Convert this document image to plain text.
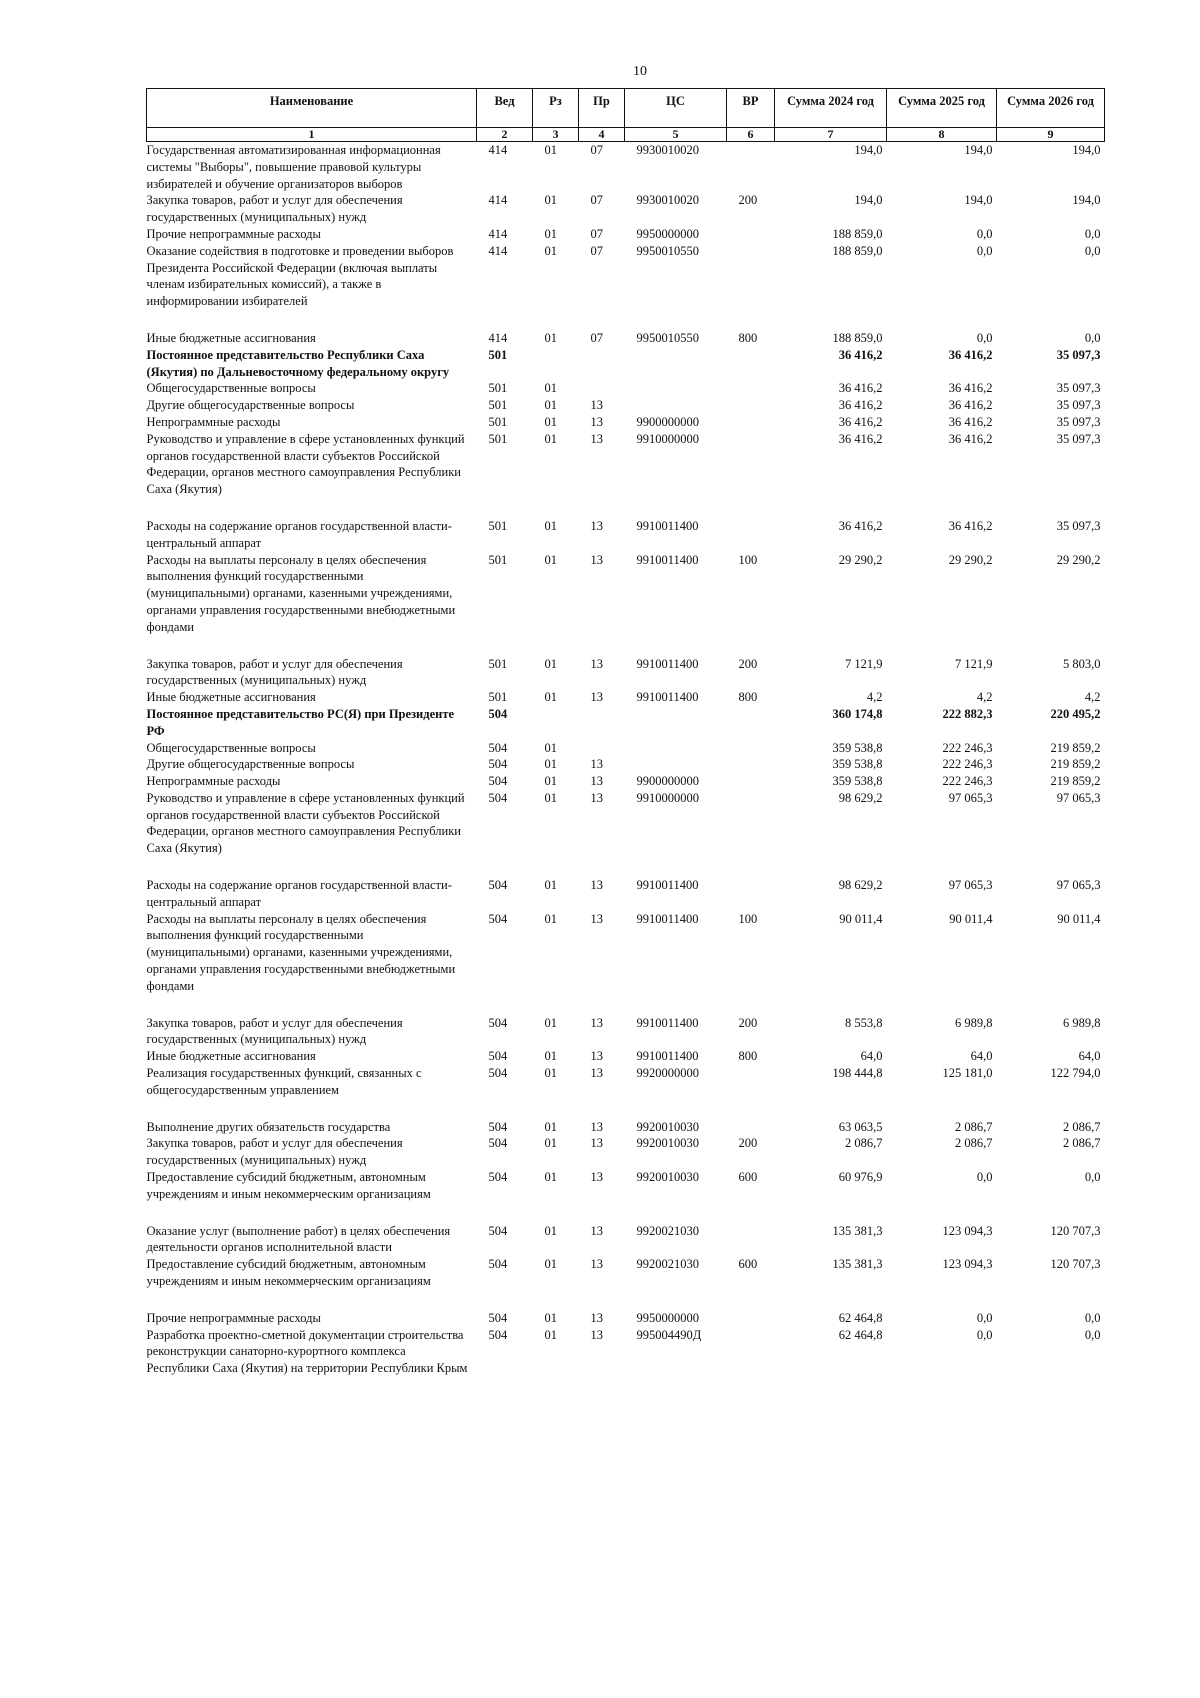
10
Наименование	Вед	Рз	Пр	ЦС	ВР	Сумма 2024 год	Сумма 2025 год	Сумма 2026 год
1	2	3	4	5	6	7	8	9
Государственная автоматизированная информационная системы "Выборы", повышение правовой культуры избирателей и обучение организаторов выборов	414	01	07	9930010020		194,0	194,0	194,0
Закупка товаров, работ и услуг для обеспечения государственных (муниципальных) нужд	414	01	07	9930010020	200	194,0	194,0	194,0
Прочие непрограммные расходы	414	01	07	9950000000		188 859,0	0,0	0,0
Оказание содействия в подготовке и проведении выборов Президента Российской Федерации (включая выплаты членам избирательных комиссий), а также в информировании избирателей	414	01	07	9950010550		188 859,0	0,0	0,0

Иные бюджетные ассигнования	414	01	07	9950010550	800	188 859,0	0,0	0,0
Постоянное представительство Республики Саха (Якутия) по Дальневосточному федеральному округу	501					36 416,2	36 416,2	35 097,3
Общегосударственные вопросы	501	01				36 416,2	36 416,2	35 097,3
Другие общегосударственные вопросы	501	01	13			36 416,2	36 416,2	35 097,3
Непрограммные расходы	501	01	13	9900000000		36 416,2	36 416,2	35 097,3
Руководство и управление в сфере установленных функций органов государственной власти субъектов Российской Федерации, органов местного самоуправления Республики Саха (Якутия)	501	01	13	9910000000		36 416,2	36 416,2	35 097,3

Расходы на содержание органов государственной власти- центральный аппарат	501	01	13	9910011400		36 416,2	36 416,2	35 097,3
Расходы на выплаты персоналу в целях обеспечения выполнения функций государственными (муниципальными) органами, казенными учреждениями, органами управления государственными внебюджетными фондами	501	01	13	9910011400	100	29 290,2	29 290,2	29 290,2

Закупка товаров, работ и услуг для обеспечения государственных (муниципальных) нужд	501	01	13	9910011400	200	7 121,9	7 121,9	5 803,0
Иные бюджетные ассигнования	501	01	13	9910011400	800	4,2	4,2	4,2
Постоянное представительство РС(Я) при Президенте РФ	504					360 174,8	222 882,3	220 495,2
Общегосударственные вопросы	504	01				359 538,8	222 246,3	219 859,2
Другие общегосударственные вопросы	504	01	13			359 538,8	222 246,3	219 859,2
Непрограммные расходы	504	01	13	9900000000		359 538,8	222 246,3	219 859,2
Руководство и управление в сфере установленных функций органов государственной власти субъектов Российской Федерации, органов местного самоуправления Республики Саха (Якутия)	504	01	13	9910000000		98 629,2	97 065,3	97 065,3

Расходы на содержание органов государственной власти- центральный аппарат	504	01	13	9910011400		98 629,2	97 065,3	97 065,3
Расходы на выплаты персоналу в целях обеспечения выполнения функций государственными (муниципальными) органами, казенными учреждениями, органами управления государственными внебюджетными фондами	504	01	13	9910011400	100	90 011,4	90 011,4	90 011,4

Закупка товаров, работ и услуг для обеспечения государственных (муниципальных) нужд	504	01	13	9910011400	200	8 553,8	6 989,8	6 989,8
Иные бюджетные ассигнования	504	01	13	9910011400	800	64,0	64,0	64,0
Реализация государственных функций, связанных с общегосударственным управлением	504	01	13	9920000000		198 444,8	125 181,0	122 794,0

Выполнение других обязательств государства	504	01	13	9920010030		63 063,5	2 086,7	2 086,7
Закупка товаров, работ и услуг для обеспечения государственных (муниципальных) нужд	504	01	13	9920010030	200	2 086,7	2 086,7	2 086,7
Предоставление субсидий бюджетным, автономным учреждениям и иным некоммерческим организациям	504	01	13	9920010030	600	60 976,9	0,0	0,0

Оказание услуг (выполнение работ) в целях обеспечения деятельности органов исполнительной власти	504	01	13	9920021030		135 381,3	123 094,3	120 707,3
Предоставление субсидий бюджетным, автономным учреждениям и иным некоммерческим организациям	504	01	13	9920021030	600	135 381,3	123 094,3	120 707,3

Прочие непрограммные расходы	504	01	13	9950000000		62 464,8	0,0	0,0
Разработка проектно-сметной документации строительства реконструкции санаторно-курортного комплекса Республики Саха (Якутия) на территории Республики Крым	504	01	13	995004490Д		62 464,8	0,0	0,0
